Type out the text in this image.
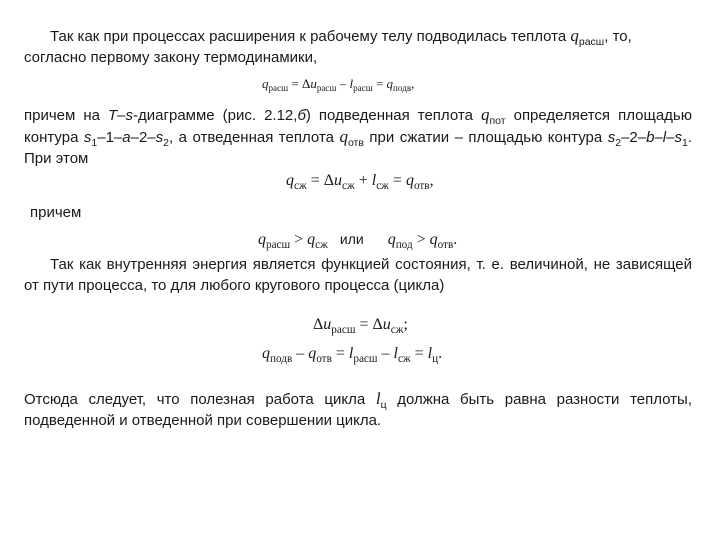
Так как при процессах расширения к рабочему телу подводилась теплота $q_{расш}$, то,
согласно первому закону термодинамики,
$q_{расш} = \Delta u_{расш} - l_{расш} = q_{подв}$,
причем на T–s-диаграмме (рис. 2.12,б) подведенная теплота $q_{пот}$ определяется площадью контура $s_1-1-a-2-s_2$, а отведенная теплота $q_{отв}$ при сжатии – площадью контура $s_2-2-b-l-s_1$. При этом
$q_{сж} = \Delta u_{сж} + l_{сж} = q_{отв}$,
причем
$q_{расш} > q_{сж}$ или $q_{под} > q_{отв}$.
Так как внутренняя энергия является функцией состояния, т. е. величиной, не зависящей от пути процесса, то для любого кругового процесса (цикла)
$\Delta u_{расш} = \Delta u_{сж}$;
$q_{подв} - q_{отв} = l_{расш} - l_{сж} = l_ц$.
Отсюда следует, что полезная работа цикла $l_ц$ должна быть равна разности теплоты, подведенной и отведенной при совершении цикла.
